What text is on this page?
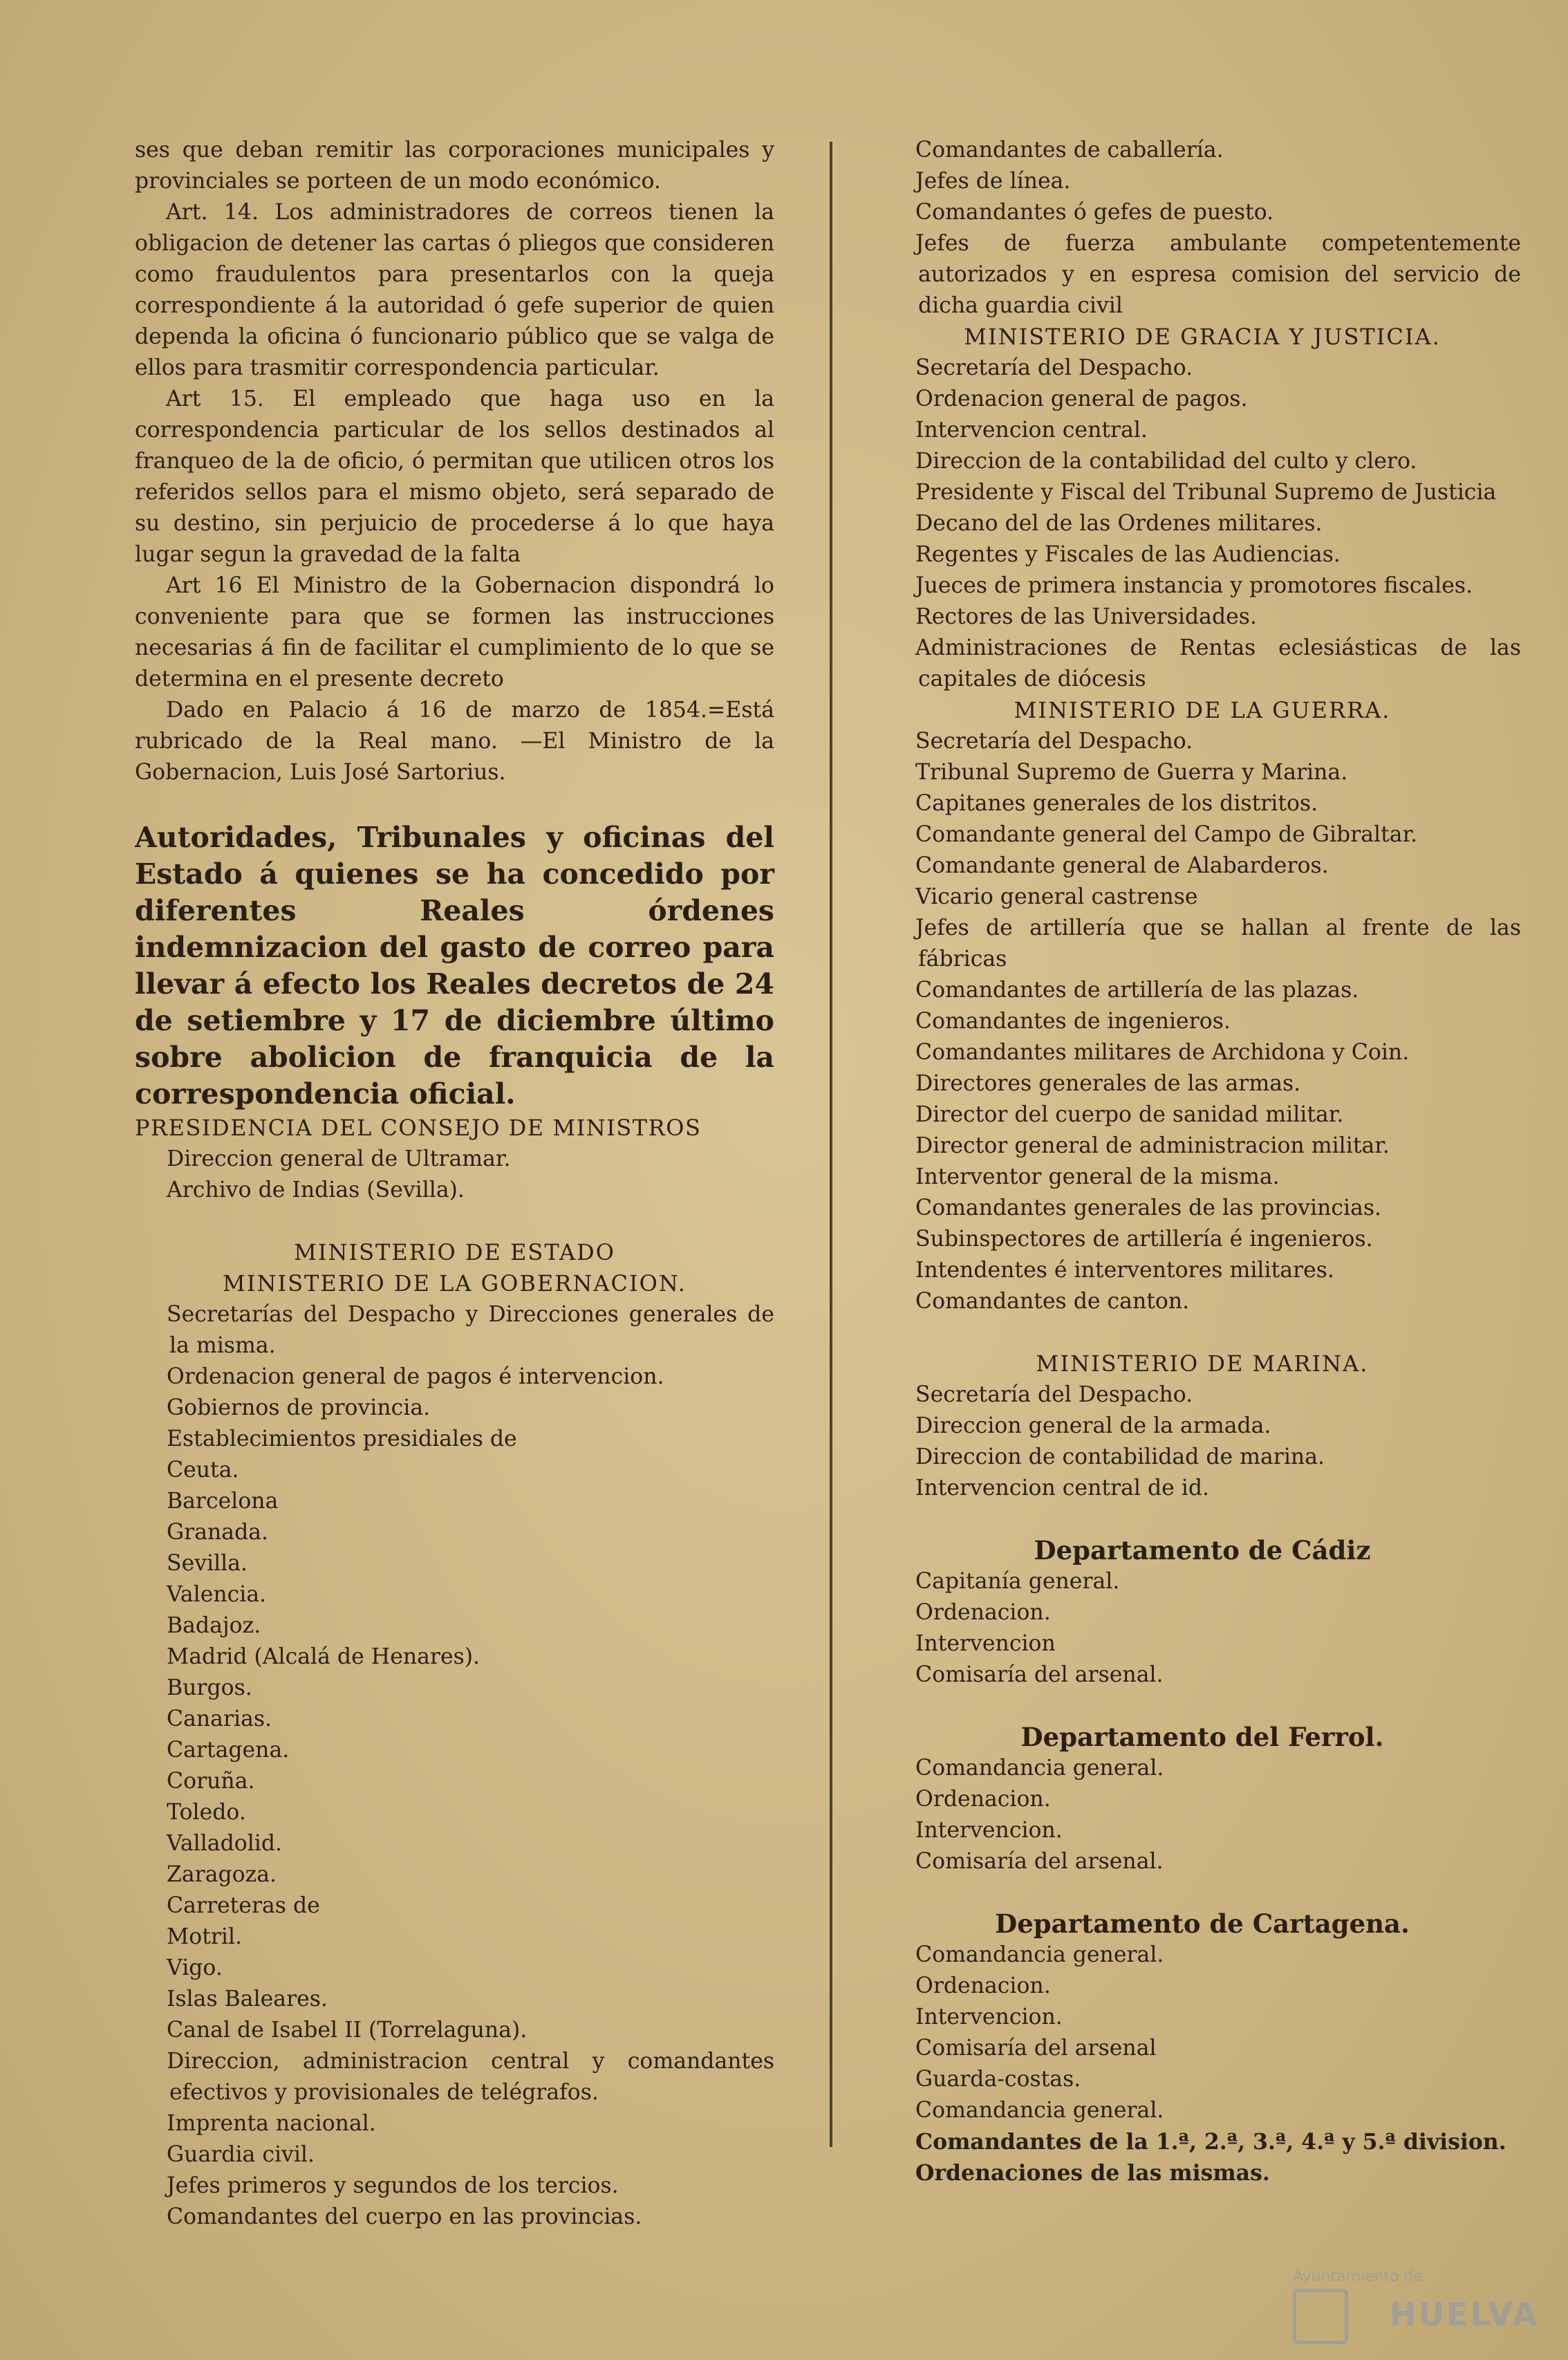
ses que deban remitir las corporaciones municipales y provinciales se porteen de un modo económico.

Art. 14. Los administradores de correos tienen la obligacion de detener las cartas ó pliegos que consideren como fraudulentos para presentarlos con la queja correspondiente á la autoridad ó gefe superior de quien dependa la oficina ó funcionario público que se valga de ellos para trasmitir correspondencia particular.

Art 15. El empleado que haga uso en la correspondencia particular de los sellos destinados al franqueo de la de oficio, ó permitan que utilicen otros los referidos sellos para el mismo objeto, será separado de su destino, sin perjuicio de procederse á lo que haya lugar segun la gravedad de la falta

Art 16 El Ministro de la Gobernacion dispondrá lo conveniente para que se formen las instrucciones necesarias á fin de facilitar el cumplimiento de lo que se determina en el presente decreto

Dado en Palacio á 16 de marzo de 1854.=Está rubricado de la Real mano. —El Ministro de la Gobernacion, Luis José Sartorius.

Autoridades, Tribunales y oficinas del Estado á quienes se ha concedido por diferentes Reales órdenes indemnizacion del gasto de correo para llevar á efecto los Reales decretos de 24 de setiembre y 17 de diciembre último sobre abolicion de franquicia de la correspondencia oficial.

PRESIDENCIA DEL CONSEJO DE MINISTROS

Direccion general de Ultramar.

Archivo de Indias (Sevilla).

MINISTERIO DE ESTADO

MINISTERIO DE LA GOBERNACION.

Secretarías del Despacho y Direcciones generales de la misma.

Ordenacion general de pagos é intervencion.

Gobiernos de provincia.

Establecimientos presidiales de

Ceuta.

Barcelona

Granada.

Sevilla.

Valencia.

Badajoz.

Madrid (Alcalá de Henares).

Burgos.

Canarias.

Cartagena.

Coruña.

Toledo.

Valladolid.

Zaragoza.

Carreteras de

Motril.

Vigo.

Islas Baleares.

Canal de Isabel II (Torrelaguna).

Direccion, administracion central y comandantes efectivos y provisionales de telégrafos.

Imprenta nacional.

Guardia civil.

Jefes primeros y segundos de los tercios.

Comandantes del cuerpo en las provincias.

Comandantes de caballería.

Jefes de línea.

Comandantes ó gefes de puesto.

Jefes de fuerza ambulante competentemente autorizados y en espresa comision del servicio de dicha guardia civil

MINISTERIO DE GRACIA Y JUSTICIA.

Secretaría del Despacho.

Ordenacion general de pagos.

Intervencion central.

Direccion de la contabilidad del culto y clero.

Presidente y Fiscal del Tribunal Supremo de Justicia

Decano del de las Ordenes militares.

Regentes y Fiscales de las Audiencias.

Jueces de primera instancia y promotores fiscales.

Rectores de las Universidades.

Administraciones de Rentas eclesiásticas de las capitales de diócesis

MINISTERIO DE LA GUERRA.

Secretaría del Despacho.

Tribunal Supremo de Guerra y Marina.

Capitanes generales de los distritos.

Comandante general del Campo de Gibraltar.

Comandante general de Alabarderos.

Vicario general castrense

Jefes de artillería que se hallan al frente de las fábricas

Comandantes de artillería de las plazas.

Comandantes de ingenieros.

Comandantes militares de Archidona y Coin.

Directores generales de las armas.

Director del cuerpo de sanidad militar.

Director general de administracion militar.

Interventor general de la misma.

Comandantes generales de las provincias.

Subinspectores de artillería é ingenieros.

Intendentes é interventores militares.

Comandantes de canton.

MINISTERIO DE MARINA.

Secretaría del Despacho.

Direccion general de la armada.

Direccion de contabilidad de marina.

Intervencion central de id.

Departamento de Cádiz

Capitanía general.

Ordenacion.

Intervencion

Comisaría del arsenal.

Departamento del Ferrol.

Comandancia general.

Ordenacion.

Intervencion.

Comisaría del arsenal.

Departamento de Cartagena.

Comandancia general.

Ordenacion.

Intervencion.

Comisaría del arsenal

Guarda-costas.

Comandancia general.

Comandantes de la 1.ª, 2.ª, 3.ª, 4.ª y 5.ª division.

Ordenaciones de las mismas.

Ayuntamiento de
HUELVA
